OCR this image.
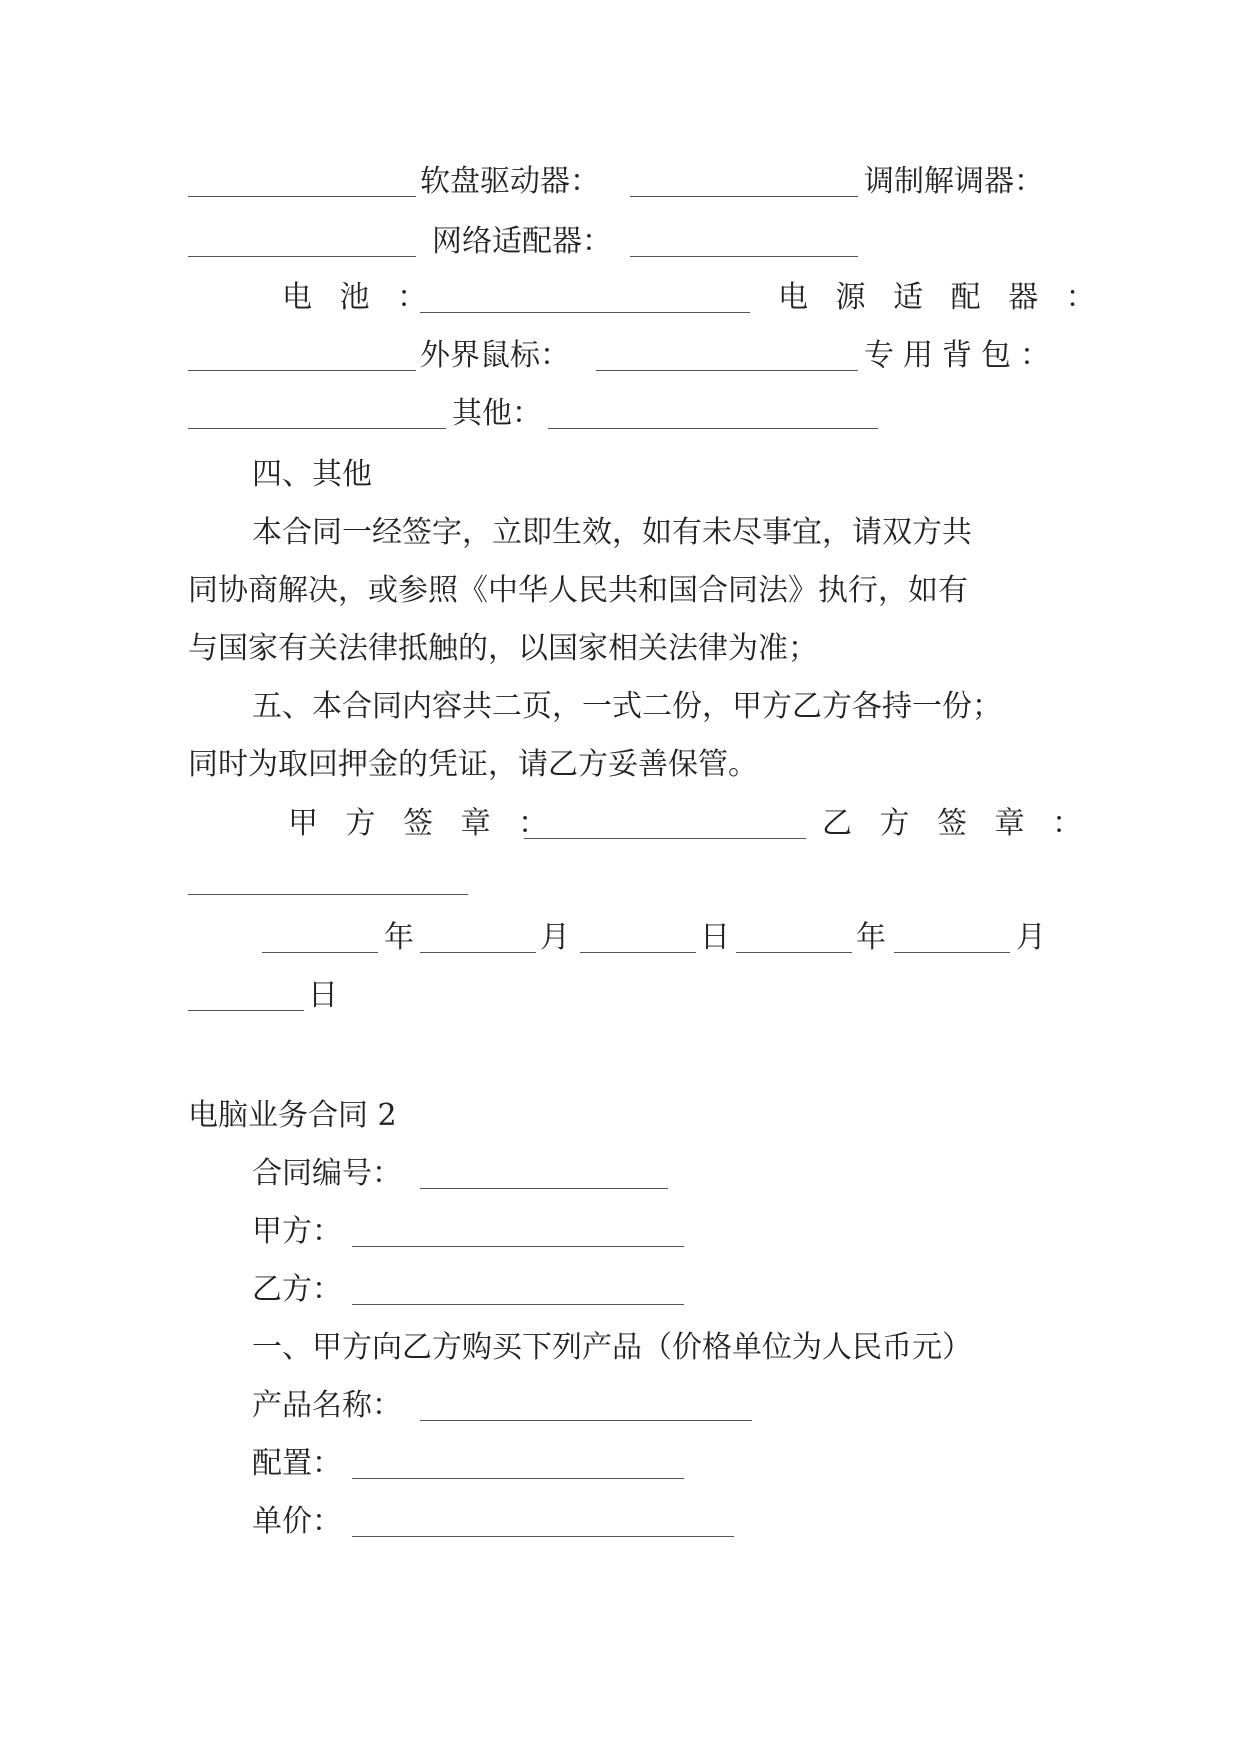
软盘驱动器：	调制解调器：
网络适配器：
电 池 ：	电 源 适 配 器 ：
外界鼠标：	专用背包：
其他：
四、其他
本合同一经签字，立即生效，如有未尽事宜，请双方共
同协商解决，或参照《中华人民共和国合同法》执行，如有
与国家有关法律抵触的，以国家相关法律为准；
五、本合同内容共二页，一式二份，甲方乙方各持一份；
同时为取回押金的凭证，请乙方妥善保管。
甲 方 签 章 ：	乙 方 签 章 ：
年	月	日	年	月
日
电脑业务合同 2
合同编号：
甲方：
乙方：
一、甲方向乙方购买下列产品（价格单位为人民币元）
产品名称：
配置：
单价：
